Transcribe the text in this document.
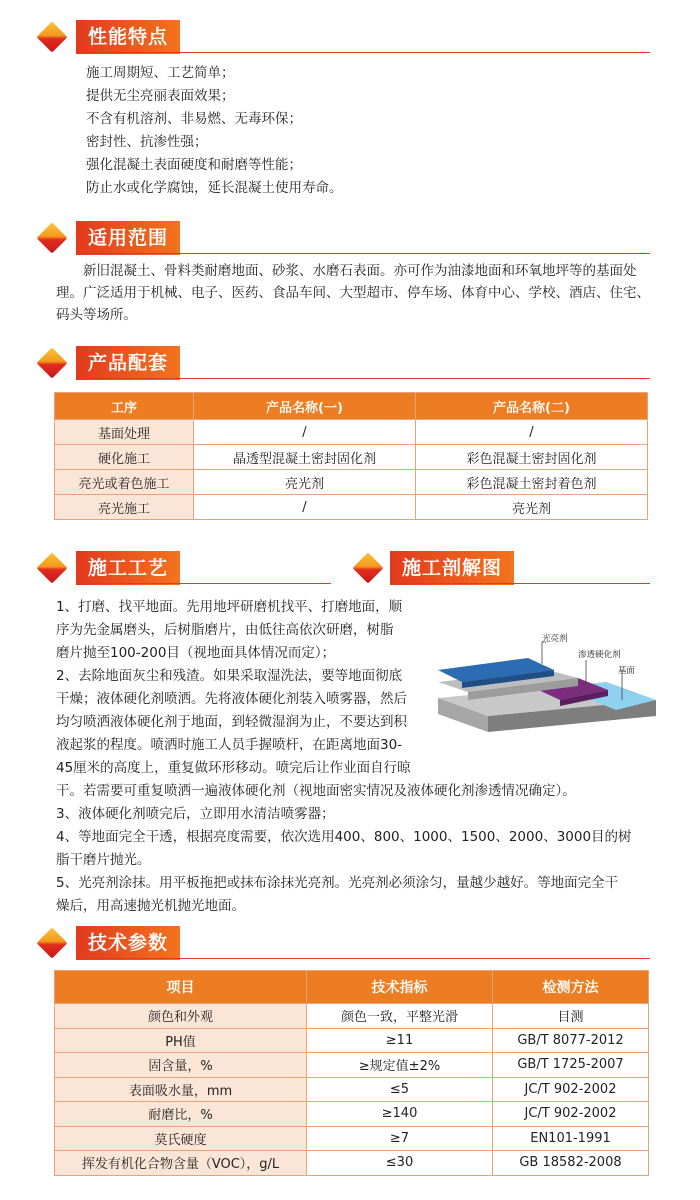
性能特点
施工周期短、工艺简单；
提供无尘亮丽表面效果；
不含有机溶剂、非易燃、无毒环保；
密封性、抗渗性强；
强化混凝土表面硬度和耐磨等性能；
防止水或化学腐蚀，延长混凝土使用寿命。
适用范围
新旧混凝土、骨料类耐磨地面、砂浆、水磨石表面。亦可作为油漆地面和环氧地坪等的基面处理。广泛适用于机械、电子、医药、食品车间、大型超市、停车场、体育中心、学校、酒店、住宅、码头等场所。
产品配套
工序	产品名称(一)	产品名称(二)
基面处理	/	/
硬化施工	晶透型混凝土密封固化剂	彩色混凝土密封固化剂
亮光或着色施工	亮光剂	彩色混凝土密封着色剂
亮光施工	/	亮光剂
施工工艺	施工剖解图
1、打磨、找平地面。先用地坪研磨机找平、打磨地面，顺
序为先金属磨头，后树脂磨片，由低往高依次研磨，树脂
磨片抛至100-200目（视地面具体情况而定）；
2、去除地面灰尘和残渣。如果采取湿洗法，要等地面彻底
干燥；液体硬化剂喷洒。先将液体硬化剂装入喷雾器，然后
均匀喷洒液体硬化剂于地面，到轻微湿润为止，不要达到积
液起浆的程度。喷洒时施工人员手握喷杆，在距离地面30-
45厘米的高度上，重复做环形移动。喷完后让作业面自行晾
干。若需要可重复喷洒一遍液体硬化剂（视地面密实情况及液体硬化剂渗透情况确定）。
3、液体硬化剂喷完后，立即用水清洁喷雾器；
4、等地面完全干透，根据亮度需要，依次选用400、800、1000、1500、2000、3000目的树
脂干磨片抛光。
5、光亮剂涂抹。用平板拖把或抹布涂抹光亮剂。光亮剂必须涂匀，量越少越好。等地面完全干
燥后，用高速抛光机抛光地面。
光亮剂
渗透硬化剂
基面
技术参数
项目	技术指标	检测方法
颜色和外观	颜色一致，平整光滑	目测
PH值	≥11	GB/T 8077-2012
固含量，%	≥规定值±2%	GB/T 1725-2007
表面吸水量，mm	≤5	JC/T 902-2002
耐磨比，%	≥140	JC/T 902-2002
莫氏硬度	≥7	EN101-1991
挥发有机化合物含量（VOC），g/L	≤30	GB 18582-2008
